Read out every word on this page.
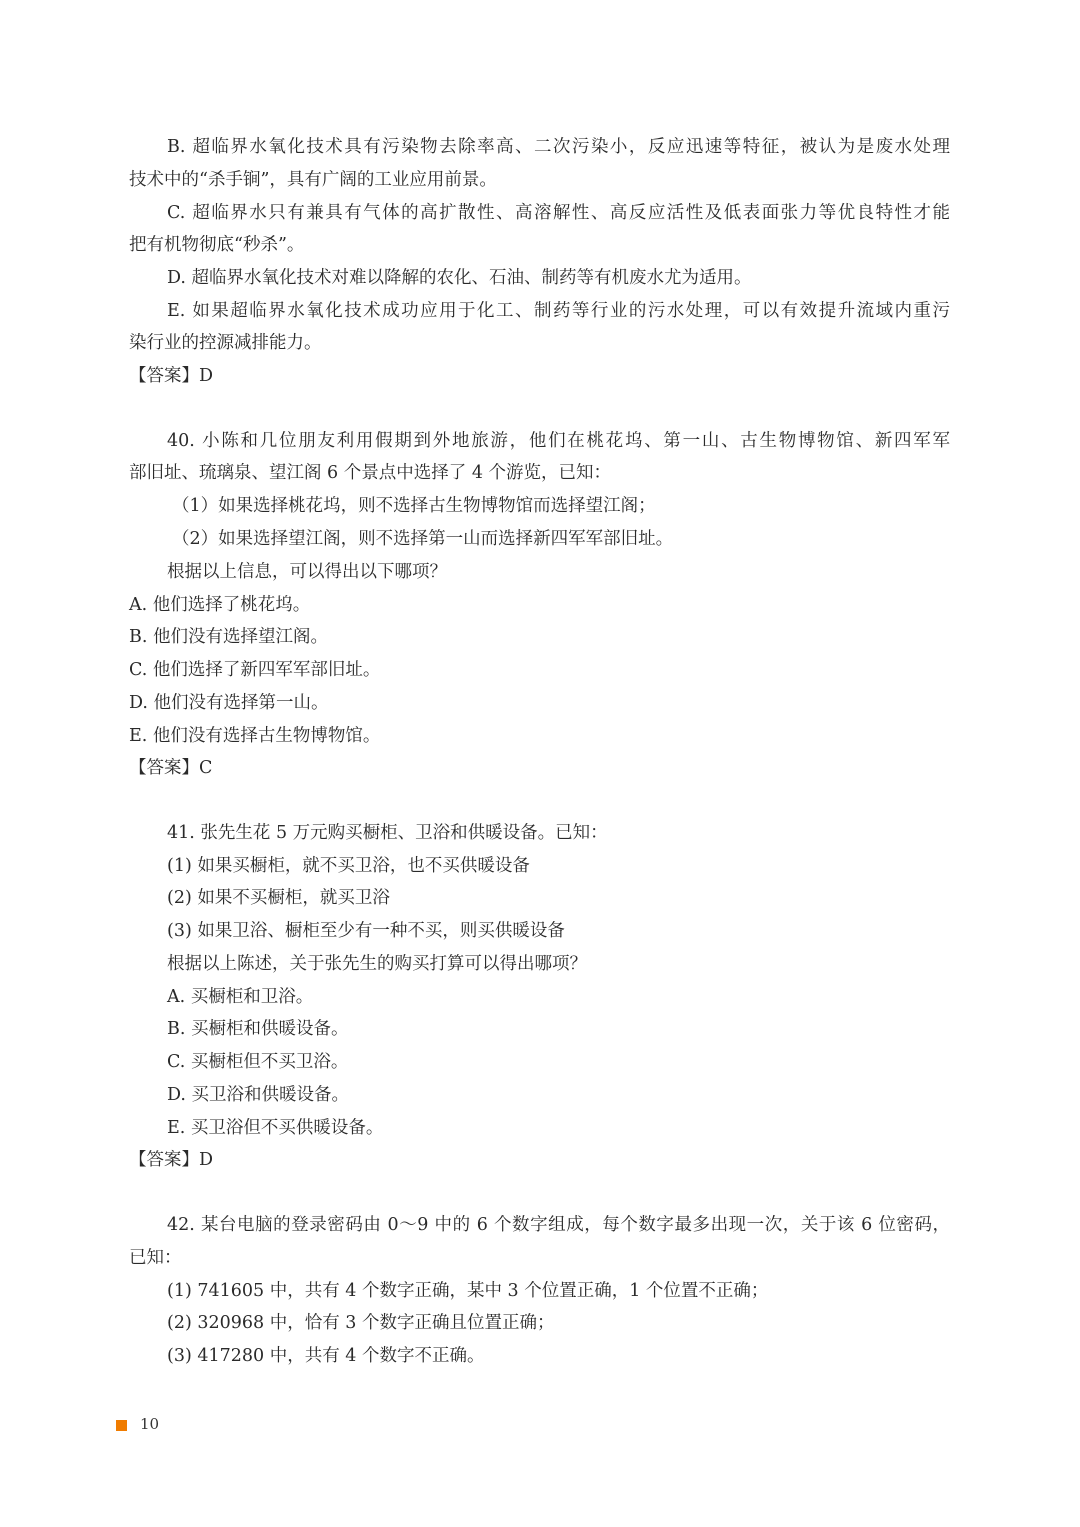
B. 超临界水氧化技术具有污染物去除率高、二次污染小，反应迅速等特征，被认为是废水处理
技术中的“杀手锏”，具有广阔的工业应用前景。
C. 超临界水只有兼具有气体的高扩散性、高溶解性、高反应活性及低表面张力等优良特性才能
把有机物彻底“秒杀”。
D. 超临界水氧化技术对难以降解的农化、石油、制药等有机废水尤为适用。
E. 如果超临界水氧化技术成功应用于化工、制药等行业的污水处理，可以有效提升流域内重污
染行业的控源减排能力。
【答案】D
40. 小陈和几位朋友利用假期到外地旅游，他们在桃花坞、第一山、古生物博物馆、新四军军
部旧址、琉璃泉、望江阁 6 个景点中选择了 4 个游览，已知：
（1）如果选择桃花坞，则不选择古生物博物馆而选择望江阁；
（2）如果选择望江阁，则不选择第一山而选择新四军军部旧址。
根据以上信息，可以得出以下哪项？
A. 他们选择了桃花坞。
B. 他们没有选择望江阁。
C. 他们选择了新四军军部旧址。
D. 他们没有选择第一山。
E. 他们没有选择古生物博物馆。
【答案】C
41. 张先生花 5 万元购买橱柜、卫浴和供暖设备。已知：
(1) 如果买橱柜，就不买卫浴，也不买供暖设备
(2) 如果不买橱柜，就买卫浴
(3) 如果卫浴、橱柜至少有一种不买，则买供暖设备
根据以上陈述，关于张先生的购买打算可以得出哪项？
A. 买橱柜和卫浴。
B. 买橱柜和供暖设备。
C. 买橱柜但不买卫浴。
D. 买卫浴和供暖设备。
E. 买卫浴但不买供暖设备。
【答案】D
42. 某台电脑的登录密码由 0～9 中的 6 个数字组成，每个数字最多出现一次，关于该 6 位密码，
已知：
(1) 741605 中，共有 4 个数字正确，某中 3 个位置正确，1 个位置不正确；
(2) 320968 中，恰有 3 个数字正确且位置正确；
(3) 417280 中，共有 4 个数字不正确。
10
